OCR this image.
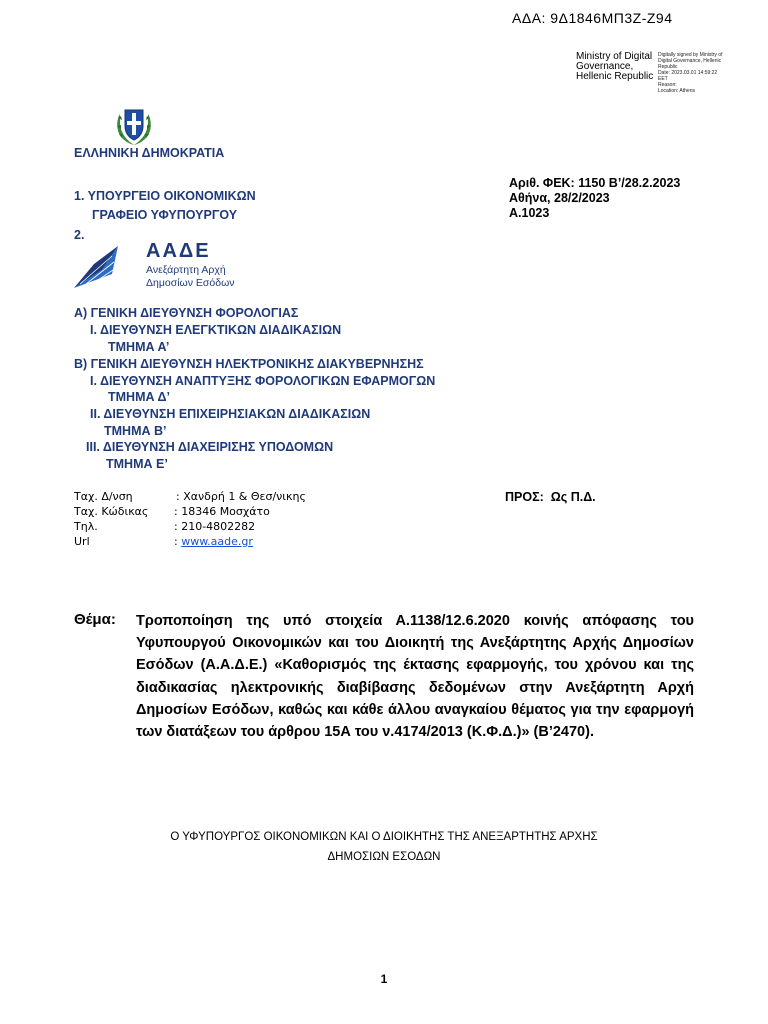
ΑΔΑ: 9Δ1846ΜΠ3Ζ-Ζ94
Ministry of Digital
Governance,
Hellenic Republic
Digitally signed by Ministry of
Digital Governance, Hellenic
Republic
Date: 2023.03.01 14:59:22
EET
Reason:
Location: Athens
ΕΛΛΗΝΙΚΗ ΔΗΜΟΚΡΑΤΙΑ
1. ΥΠΟΥΡΓΕΙΟ ΟΙΚΟΝΟΜΙΚΩΝ
ΓΡΑΦΕΙΟ ΥΦΥΠΟΥΡΓΟΥ
2.
ΑΑΔΕ
Ανεξάρτητη Αρχή
Δημοσίων Εσόδων
Αριθ. ΦΕΚ: 1150 Β’/28.2.2023
Αθήνα, 28/2/2023
Α.1023
Α) ΓΕΝΙΚΗ ΔΙΕΥΘΥΝΣΗ ΦΟΡΟΛΟΓΙΑΣ
Ι. ΔΙΕΥΘΥΝΣΗ ΕΛΕΓΚΤΙΚΩΝ ΔΙΑΔΙΚΑΣΙΩΝ
ΤΜΗΜΑ Α’
Β) ΓΕΝΙΚΗ ΔΙΕΥΘΥΝΣΗ ΗΛΕΚΤΡΟΝΙΚΗΣ ΔΙΑΚΥΒΕΡΝΗΣΗΣ
Ι. ΔΙΕΥΘΥΝΣΗ ΑΝΑΠΤΥΞΗΣ ΦΟΡΟΛΟΓΙΚΩΝ ΕΦΑΡΜΟΓΩΝ
ΤΜΗΜΑ Δ’
ΙΙ. ΔΙΕΥΘΥΝΣΗ ΕΠΙΧΕΙΡΗΣΙΑΚΩΝ ΔΙΑΔΙΚΑΣΙΩΝ
ΤΜΗΜΑ Β’
ΙΙΙ. ΔΙΕΥΘΥΝΣΗ ΔΙΑΧΕΙΡΙΣΗΣ ΥΠΟΔΟΜΩΝ
ΤΜΗΜΑ Ε’
Ταχ. Δ/νση	: Χανδρή 1 & Θεσ/νικης
Ταχ. Κώδικας : 18346 Μοσχάτο
Τηλ.	: 210-4802282
Url	: www.aade.gr
ΠΡΟΣ:  Ως Π.Δ.
Θέμα: Τροποποίηση της υπό στοιχεία Α.1138/12.6.2020 κοινής απόφασης του Υφυπουργού Οικονομικών και του Διοικητή της Ανεξάρτητης Αρχής Δημοσίων Εσόδων (Α.Α.Δ.Ε.) «Καθορισμός της έκτασης εφαρμογής, του χρόνου και της διαδικασίας ηλεκτρονικής διαβίβασης δεδομένων στην Ανεξάρτητη Αρχή Δημοσίων Εσόδων, καθώς και κάθε άλλου αναγκαίου θέματος για την εφαρμογή των διατάξεων του άρθρου 15Α του ν.4174/2013 (Κ.Φ.Δ.)» (Β’2470).
Ο ΥΦΥΠΟΥΡΓΟΣ ΟΙΚΟΝΟΜΙΚΩΝ ΚΑΙ Ο ΔΙΟΙΚΗΤΗΣ ΤΗΣ ΑΝΕΞΑΡΤΗΤΗΣ ΑΡΧΗΣ
ΔΗΜΟΣΙΩΝ ΕΣΟΔΩΝ
1
